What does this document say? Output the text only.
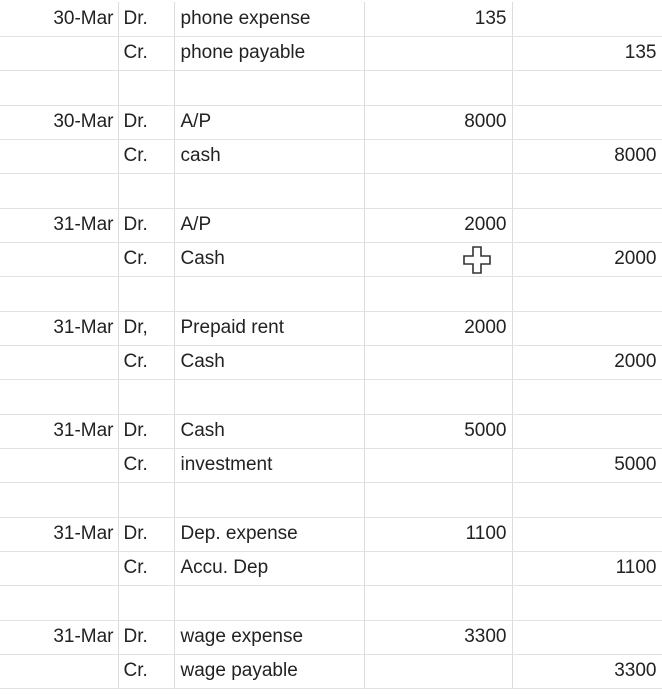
30-Mar	Dr.	phone expense	135	
	Cr.	phone payable		135

30-Mar	Dr.	A/P	8000	
	Cr.	cash		8000

31-Mar	Dr.	A/P	2000	
	Cr.	Cash		2000

31-Mar	Dr,	Prepaid rent	2000	
	Cr.	Cash		2000

31-Mar	Dr.	Cash	5000	
	Cr.	investment		5000

31-Mar	Dr.	Dep. expense	1100	
	Cr.	Accu. Dep		1100

31-Mar	Dr.	wage expense	3300	
	Cr.	wage payable		3300
